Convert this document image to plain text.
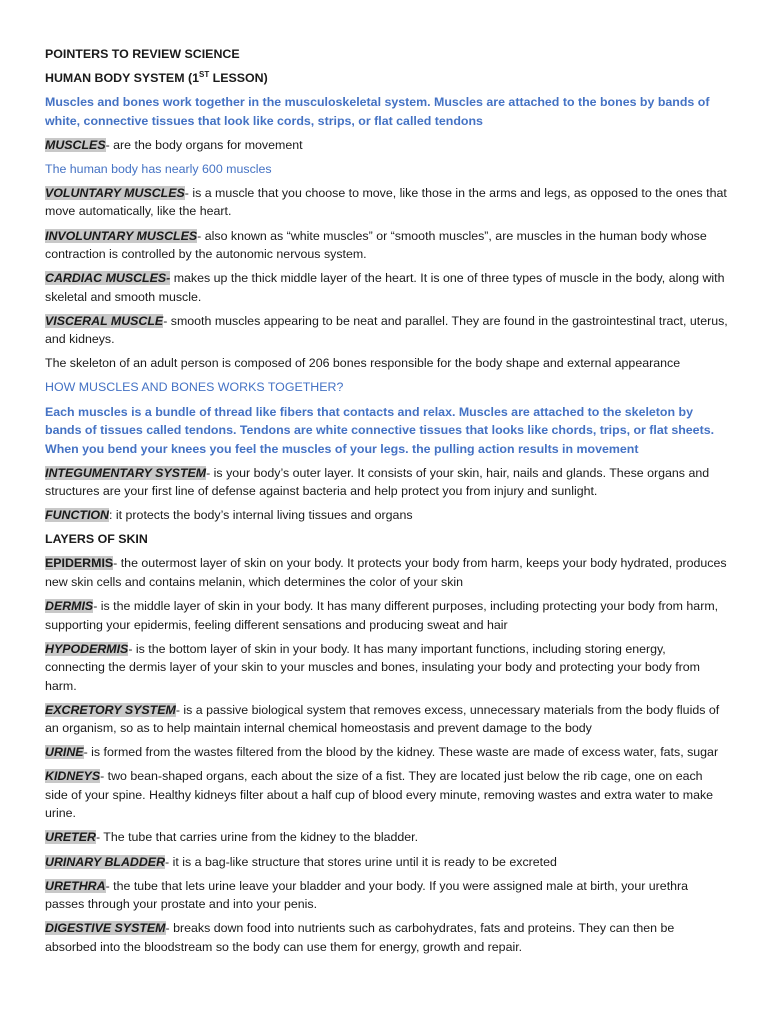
POINTERS TO REVIEW SCIENCE

HUMAN BODY SYSTEM (1ST LESSON)

Muscles and bones work together in the musculoskeletal system. Muscles are attached to the bones by bands of white, connective tissues that look like cords, strips, or flat called tendons

MUSCLES- are the body organs for movement

The human body has nearly 600 muscles

VOLUNTARY MUSCLES- is a muscle that you choose to move, like those in the arms and legs, as opposed to the ones that move automatically, like the heart.

INVOLUNTARY MUSCLES- also known as “white muscles” or “smooth muscles”, are muscles in the human body whose contraction is controlled by the autonomic nervous system.

CARDIAC MUSCLES- makes up the thick middle layer of the heart. It is one of three types of muscle in the body, along with skeletal and smooth muscle.

VISCERAL MUSCLE- smooth muscles appearing to be neat and parallel. They are found in the gastrointestinal tract, uterus, and kidneys.

The skeleton of an adult person is composed of 206 bones responsible for the body shape and external appearance

HOW MUSCLES AND BONES WORKS TOGETHER?

Each muscles is a bundle of thread like fibers that contacts and relax. Muscles are attached to the skeleton by bands of tissues called tendons. Tendons are white connective tissues that looks like chords, trips, or flat sheets. When you bend your knees you feel the muscles of your legs. the pulling action results in movement

INTEGUMENTARY SYSTEM- is your body’s outer layer. It consists of your skin, hair, nails and glands. These organs and structures are your first line of defense against bacteria and help protect you from injury and sunlight.

FUNCTION: it protects the body’s internal living tissues and organs

LAYERS OF SKIN

EPIDERMIS- the outermost layer of skin on your body. It protects your body from harm, keeps your body hydrated, produces new skin cells and contains melanin, which determines the color of your skin

DERMIS- is the middle layer of skin in your body. It has many different purposes, including protecting your body from harm, supporting your epidermis, feeling different sensations and producing sweat and hair

HYPODERMIS- is the bottom layer of skin in your body. It has many important functions, including storing energy, connecting the dermis layer of your skin to your muscles and bones, insulating your body and protecting your body from harm.

EXCRETORY SYSTEM- is a passive biological system that removes excess, unnecessary materials from the body fluids of an organism, so as to help maintain internal chemical homeostasis and prevent damage to the body

URINE- is formed from the wastes filtered from the blood by the kidney. These waste are made of excess water, fats, sugar

KIDNEYS- two bean-shaped organs, each about the size of a fist. They are located just below the rib cage, one on each side of your spine. Healthy kidneys filter about a half cup of blood every minute, removing wastes and extra water to make urine.

URETER- The tube that carries urine from the kidney to the bladder.

URINARY BLADDER- it is a bag-like structure that stores urine until it is ready to be excreted

URETHRA- the tube that lets urine leave your bladder and your body. If you were assigned male at birth, your urethra passes through your prostate and into your penis.

DIGESTIVE SYSTEM- breaks down food into nutrients such as carbohydrates, fats and proteins. They can then be absorbed into the bloodstream so the body can use them for energy, growth and repair.
